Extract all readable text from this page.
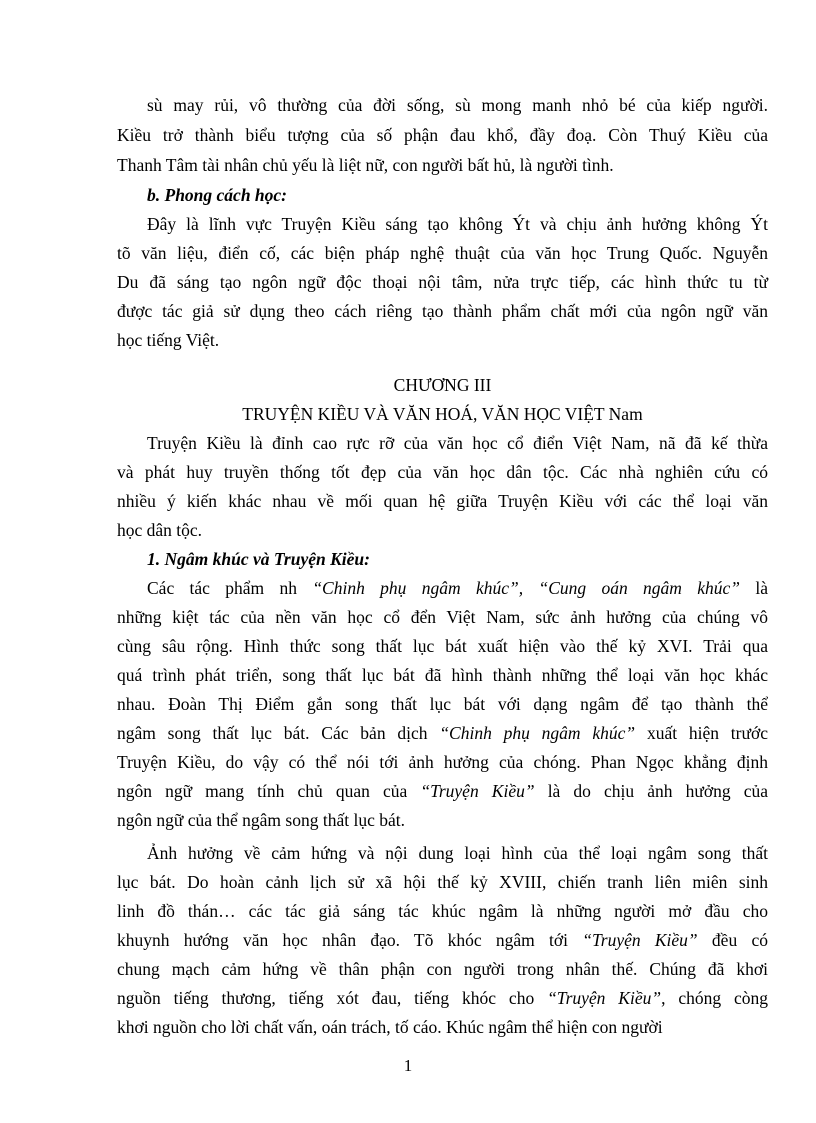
sù may rủi, vô thường của đời sống, sù mong manh nhỏ bé của kiếp người.
Kiều trở thành biểu tượng của số phận đau khổ, đầy đoạ. Còn Thuý Kiều của
Thanh Tâm tài nhân chủ yếu là liệt nữ, con người bất hủ, là người tình.
b. Phong cách học:
Đây là lĩnh vực Truyện Kiều sáng tạo không Ýt và chịu ảnh hưởng không Ýt
tõ văn liệu, điển cố, các biện pháp nghệ thuật của văn học Trung Quốc. Nguyễn
Du đã sáng tạo ngôn ngữ độc thoại nội tâm, nửa trực tiếp, các hình thức tu từ
được tác giả sử dụng theo cách riêng tạo thành phẩm chất mới của ngôn ngữ văn
học tiếng Việt.
CHƯƠNG III
TRUYỆN KIỀU VÀ VĂN HOÁ, VĂN HỌC VIỆT Nam
Truyện Kiều là đỉnh cao rực rỡ của văn học cổ điển Việt Nam, nã đã kế thừa
và phát huy truyền thống tốt đẹp của văn học dân tộc. Các nhà nghiên cứu có
nhiều ý kiến khác nhau về mối quan hệ giữa Truyện Kiều với các thể loại văn
học dân tộc.
1. Ngâm khúc và Truyện Kiều:
Các tác phẩm nh “Chinh phụ ngâm khúc”, “Cung oán ngâm khúc” là
những kiệt tác của nền văn học cổ đển Việt Nam, sức ảnh hưởng của chúng vô
cùng sâu rộng. Hình thức song thất lục bát xuất hiện vào thế kỷ XVI. Trải qua
quá trình phát triển, song thất lục bát đã hình thành những thể loại văn học khác
nhau. Đoàn Thị Điểm gắn song thất lục bát với dạng ngâm để tạo thành thể
ngâm song thất lục bát. Các bản dịch “Chinh phụ ngâm khúc” xuất hiện trước
Truyện Kiều, do vậy có thể nói tới ảnh hưởng của chóng. Phan Ngọc khẳng định
ngôn ngữ mang tính chủ quan của “Truyện Kiều” là do chịu ảnh hưởng của
ngôn ngữ của thể ngâm song thất lục bát.
Ảnh hưởng về cảm hứng và nội dung loại hình của thể loại ngâm song thất
lục bát. Do hoàn cảnh lịch sử xã hội thế kỷ XVIII, chiến tranh liên miên sinh
linh đồ thán… các tác giả sáng tác khúc ngâm là những người mở đầu cho
khuynh hướng văn học nhân đạo. Tõ khóc ngâm tới “Truyện Kiều” đều có
chung mạch cảm hứng về thân phận con người trong nhân thế. Chúng đã khơi
nguồn tiếng thương, tiếng xót đau, tiếng khóc cho “Truyện Kiều”, chóng còng
khơi nguồn cho lời chất vấn, oán trách, tố cáo. Khúc ngâm thể hiện con người
1
